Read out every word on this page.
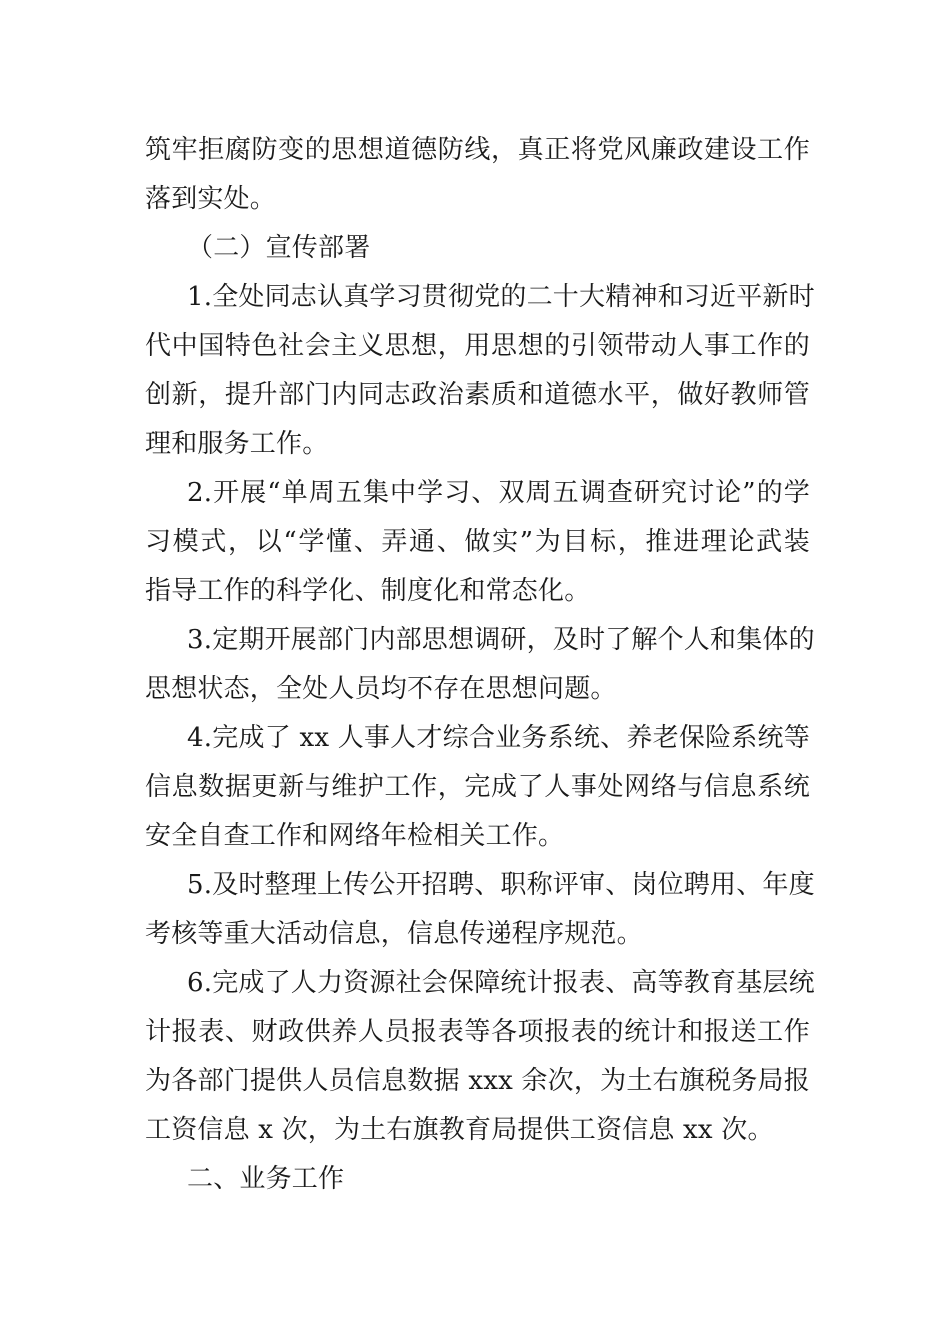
筑牢拒腐防变的思想道德防线，真正将党风廉政建设工作
落到实处。
（二）宣传部署
1.全处同志认真学习贯彻党的二十大精神和习近平新时
代中国特色社会主义思想，用思想的引领带动人事工作的
创新，提升部门内同志政治素质和道德水平，做好教师管
理和服务工作。
2.开展“单周五集中学习、双周五调查研究讨论”的学
习模式，以“学懂、弄通、做实”为目标，推进理论武装
指导工作的科学化、制度化和常态化。
3.定期开展部门内部思想调研，及时了解个人和集体的
思想状态，全处人员均不存在思想问题。
4.完成了 xx 人事人才综合业务系统、养老保险系统等
信息数据更新与维护工作，完成了人事处网络与信息系统
安全自查工作和网络年检相关工作。
5.及时整理上传公开招聘、职称评审、岗位聘用、年度
考核等重大活动信息，信息传递程序规范。
6.完成了人力资源社会保障统计报表、高等教育基层统
计报表、财政供养人员报表等各项报表的统计和报送工作
为各部门提供人员信息数据 xxx 余次，为土右旗税务局报
工资信息 x 次，为土右旗教育局提供工资信息 xx 次。
二、业务工作
